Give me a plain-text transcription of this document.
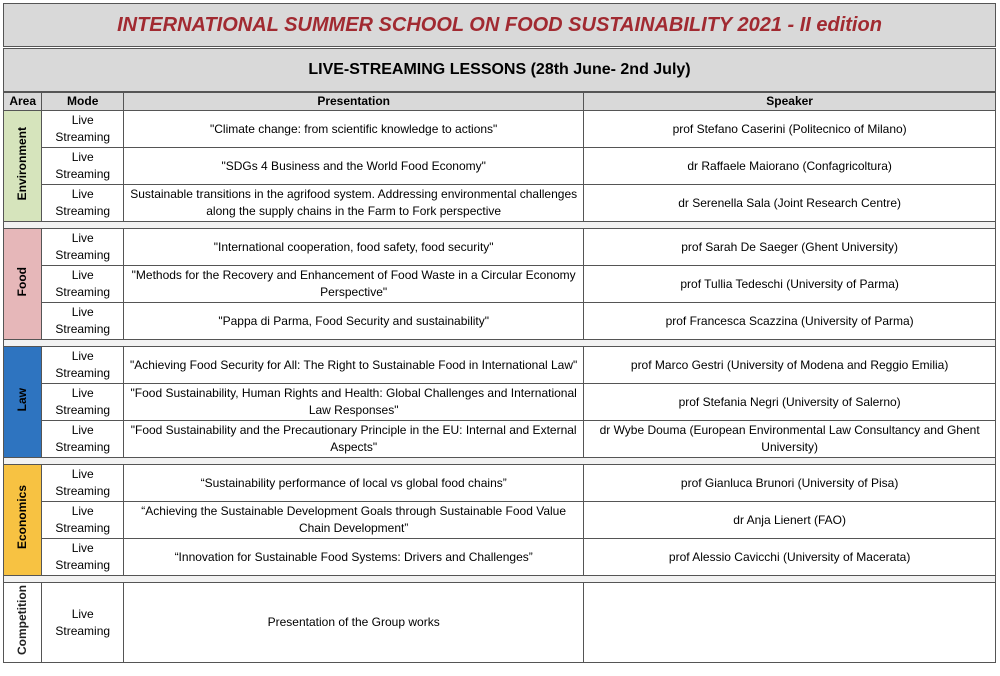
INTERNATIONAL SUMMER SCHOOL ON FOOD SUSTAINABILITY 2021 - II edition
LIVE-STREAMING LESSONS (28th June- 2nd July)
Area	Mode	Presentation	Speaker
Environment	Live Streaming	"Climate change: from scientific knowledge to actions"	prof Stefano Caserini (Politecnico of Milano)
	Live Streaming	"SDGs 4 Business and the World Food Economy"	dr Raffaele Maiorano (Confagricoltura)
	Live Streaming	Sustainable transitions in the agrifood system. Addressing environmental challenges along the supply chains in the Farm to Fork perspective	dr Serenella Sala (Joint Research Centre)

Food	Live Streaming	"International cooperation, food safety, food security"	prof Sarah De Saeger (Ghent University)
	Live Streaming	"Methods for the Recovery and Enhancement of Food Waste in a Circular Economy Perspective"	prof Tullia Tedeschi (University of Parma)
	Live Streaming	"Pappa di Parma, Food Security and sustainability"	prof Francesca Scazzina (University of Parma)

Law	Live Streaming	"Achieving Food Security for All: The Right to Sustainable Food in International Law"	prof Marco Gestri (University of Modena and Reggio Emilia)
	Live Streaming	"Food Sustainability, Human Rights and Health: Global Challenges and International Law Responses"	prof Stefania Negri (University of Salerno)
	Live Streaming	"Food Sustainability and the Precautionary Principle in the EU: Internal and External Aspects"	dr Wybe Douma (European Environmental Law Consultancy and Ghent University)

Economics	Live Streaming	“Sustainability performance of local vs global food chains”	prof Gianluca Brunori (University of Pisa)
	Live Streaming	“Achieving the Sustainable Development Goals through Sustainable Food Value Chain Development”	dr Anja Lienert (FAO)
	Live Streaming	“Innovation for Sustainable Food Systems: Drivers and Challenges”	prof Alessio Cavicchi (University of Macerata)

Competition	Live Streaming	Presentation of the Group works	
